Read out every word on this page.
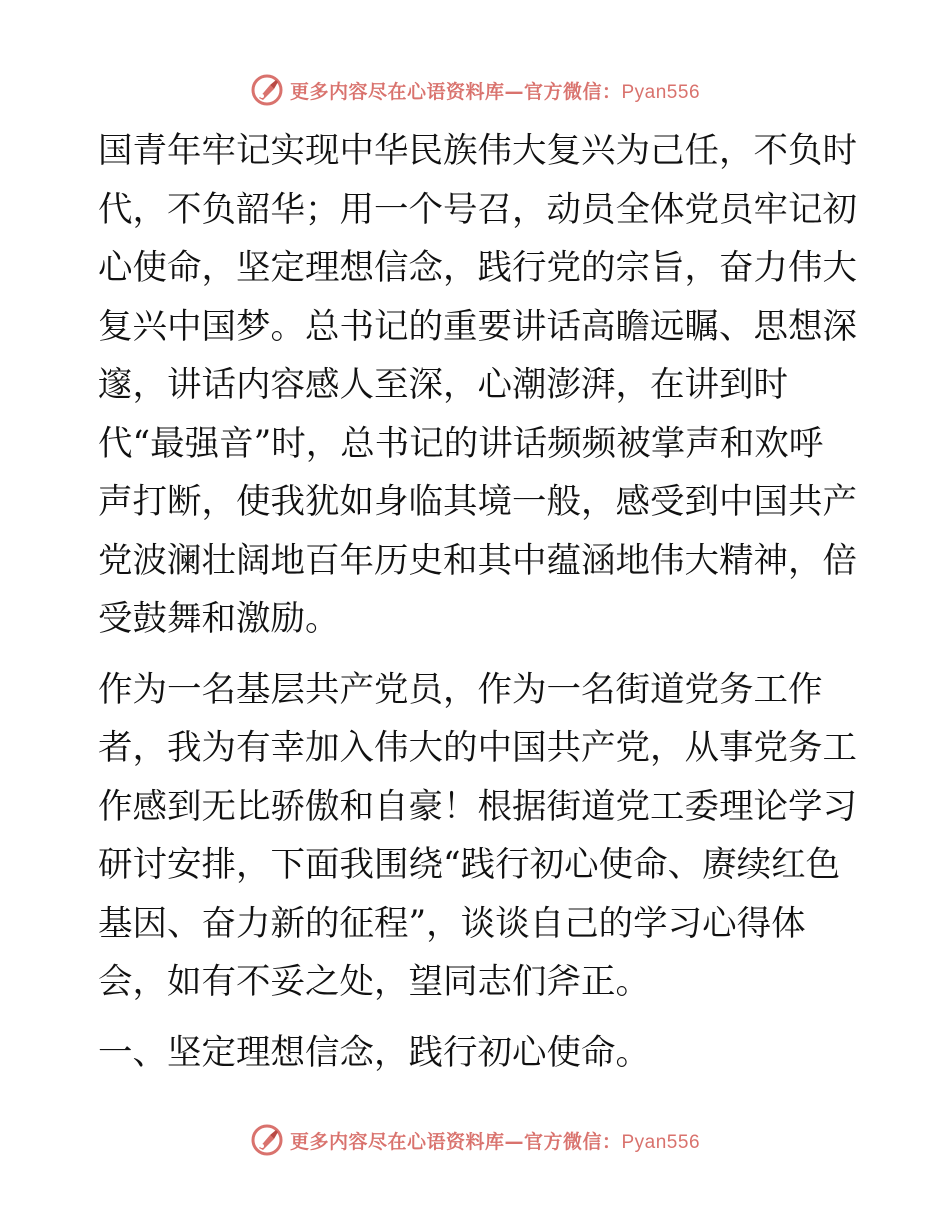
更多内容尽在心语资料库—官方微信：Pyan556
国青年牢记实现中华民族伟大复兴为己任，不负时
代，不负韶华；用一个号召，动员全体党员牢记初
心使命，坚定理想信念，践行党的宗旨，奋力伟大
复兴中国梦。总书记的重要讲话高瞻远瞩、思想深
邃，讲话内容感人至深，心潮澎湃，在讲到时
代“最强音”时，总书记的讲话频频被掌声和欢呼
声打断，使我犹如身临其境一般，感受到中国共产
党波澜壮阔地百年历史和其中蕴涵地伟大精神，倍
受鼓舞和激励。
作为一名基层共产党员，作为一名街道党务工作
者，我为有幸加入伟大的中国共产党，从事党务工
作感到无比骄傲和自豪！根据街道党工委理论学习
研讨安排，下面我围绕“践行初心使命、赓续红色
基因、奋力新的征程”，谈谈自己的学习心得体
会，如有不妥之处，望同志们斧正。
一、坚定理想信念，践行初心使命。
更多内容尽在心语资料库—官方微信：Pyan556
